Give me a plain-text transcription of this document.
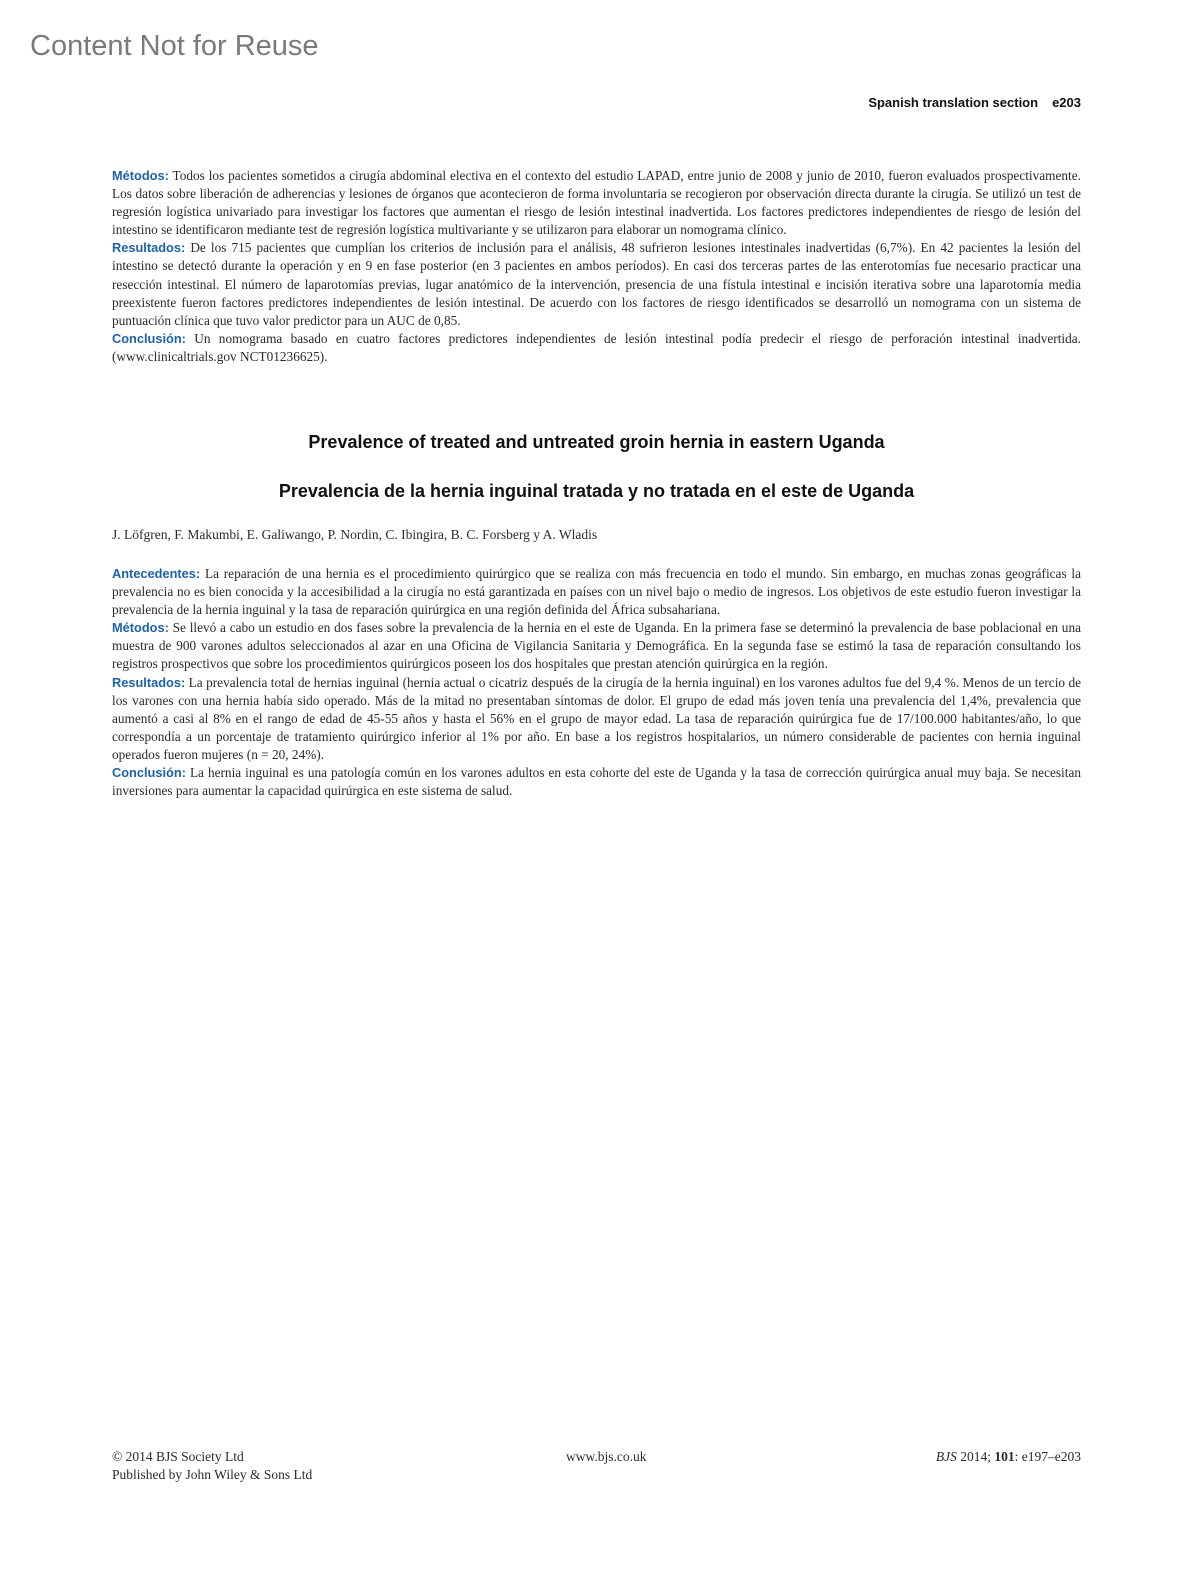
Content Not for Reuse
Spanish translation section e203

Métodos: Todos los pacientes sometidos a cirugía abdominal electiva en el contexto del estudio LAPAD, entre junio de 2008 y junio de 2010, fueron evaluados prospectivamente. Los datos sobre liberación de adherencias y lesiones de órganos que acontecieron de forma involuntaria se recogieron por observación directa durante la cirugía. Se utilizó un test de regresión logística univariado para investigar los factores que aumentan el riesgo de lesión intestinal inadvertida. Los factores predictores independientes de riesgo de lesión del intestino se identificaron mediante test de regresión logística multivariante y se utilizaron para elaborar un nomograma clínico.

Resultados: De los 715 pacientes que cumplían los criterios de inclusión para el análisis, 48 sufrieron lesiones intestinales inadvertidas (6,7%). En 42 pacientes la lesión del intestino se detectó durante la operación y en 9 en fase posterior (en 3 pacientes en ambos períodos). En casi dos terceras partes de las enterotomías fue necesario practicar una resección intestinal. El número de laparotomías previas, lugar anatómico de la intervención, presencia de una fístula intestinal e incisión iterativa sobre una laparotomía media preexistente fueron factores predictores independientes de lesión intestinal. De acuerdo con los factores de riesgo identificados se desarrolló un nomograma con un sistema de puntuación clínica que tuvo valor predictor para un AUC de 0,85.

Conclusión: Un nomograma basado en cuatro factores predictores independientes de lesión intestinal podía predecir el riesgo de perforación intestinal inadvertida. (www.clinicaltrials.gov NCT01236625).

Prevalence of treated and untreated groin hernia in eastern Uganda
Prevalencia de la hernia inguinal tratada y no tratada en el este de Uganda

J. Löfgren, F. Makumbi, E. Galiwango, P. Nordin, C. Ibingira, B. C. Forsberg y A. Wladis

Antecedentes: La reparación de una hernia es el procedimiento quirúrgico que se realiza con más frecuencia en todo el mundo. Sin embargo, en muchas zonas geográficas la prevalencia no es bien conocida y la accesibilidad a la cirugía no está garantizada en países con un nivel bajo o medio de ingresos. Los objetivos de este estudio fueron investigar la prevalencia de la hernia inguinal y la tasa de reparación quirúrgica en una región definida del África subsahariana.

Métodos: Se llevó a cabo un estudio en dos fases sobre la prevalencia de la hernia en el este de Uganda. En la primera fase se determinó la prevalencia de base poblacional en una muestra de 900 varones adultos seleccionados al azar en una Oficina de Vigilancia Sanitaria y Demográfica. En la segunda fase se estimó la tasa de reparación consultando los registros prospectivos que sobre los procedimientos quirúrgicos poseen los dos hospitales que prestan atención quirúrgica en la región.

Resultados: La prevalencia total de hernias inguinal (hernia actual o cicatriz después de la cirugía de la hernia inguinal) en los varones adultos fue del 9,4 %. Menos de un tercio de los varones con una hernia había sido operado. Más de la mitad no presentaban síntomas de dolor. El grupo de edad más joven tenía una prevalencia del 1,4%, prevalencia que aumentó a casi al 8% en el rango de edad de 45-55 años y hasta el 56% en el grupo de mayor edad. La tasa de reparación quirúrgica fue de 17/100.000 habitantes/año, lo que correspondía a un porcentaje de tratamiento quirúrgico inferior al 1% por año. En base a los registros hospitalarios, un número considerable de pacientes con hernia inguinal operados fueron mujeres (n = 20, 24%).

Conclusión: La hernia inguinal es una patología común en los varones adultos en esta cohorte del este de Uganda y la tasa de corrección quirúrgica anual muy baja. Se necesitan inversiones para aumentar la capacidad quirúrgica en este sistema de salud.

© 2014 BJS Society Ltd
Published by John Wiley & Sons Ltd
www.bjs.co.uk	BJS 2014; 101: e197–e203
